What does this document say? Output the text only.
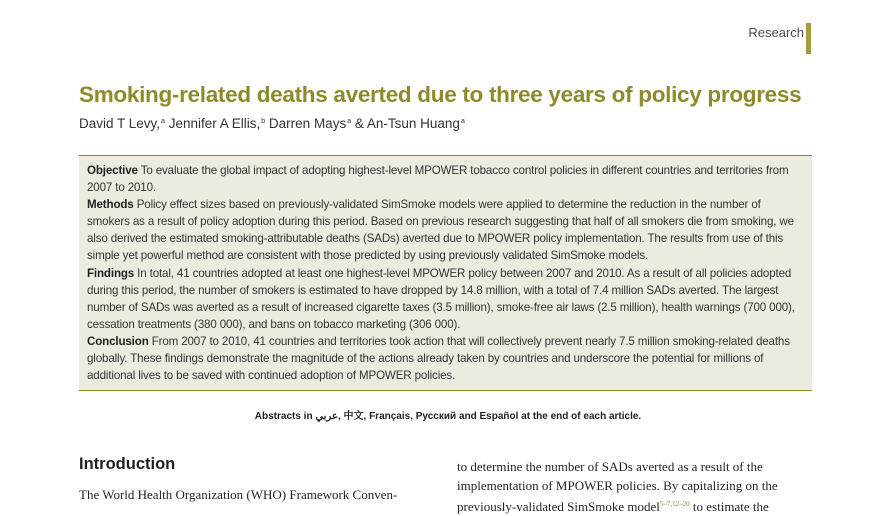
Research
Smoking-related deaths averted due to three years of policy progress
David T Levy,$^a$ Jennifer A Ellis,$^b$ Darren Mays$^a$ & An-Tsun Huang$^a$

Objective To evaluate the global impact of adopting highest-level MPOWER tobacco control policies in different countries and territories from 2007 to 2010.

Methods Policy effect sizes based on previously-validated SimSmoke models were applied to determine the reduction in the number of smokers as a result of policy adoption during this period. Based on previous research suggesting that half of all smokers die from smoking, we also derived the estimated smoking-attributable deaths (SADs) averted due to MPOWER policy implementation. The results from use of this simple yet powerful method are consistent with those predicted by using previously validated SimSmoke models.

Findings In total, 41 countries adopted at least one highest-level MPOWER policy between 2007 and 2010. As a result of all policies adopted during this period, the number of smokers is estimated to have dropped by 14.8 million, with a total of 7.4 million SADs averted. The largest number of SADs was averted as a result of increased cigarette taxes (3.5 million), smoke-free air laws (2.5 million), health warnings (700 000), cessation treatments (380 000), and bans on tobacco marketing (306 000).

Conclusion From 2007 to 2010, 41 countries and territories took action that will collectively prevent nearly 7.5 million smoking-related deaths globally. These findings demonstrate the magnitude of the actions already taken by countries and underscore the potential for millions of additional lives to be saved with continued adoption of MPOWER policies.

Abstracts in عربي, 中文, Français, Русский and Español at the end of each article.
Introduction
The World Health Organization (WHO) Framework Conven-
to determine the number of SADs averted as a result of the
implementation of MPOWER policies. By capitalizing on the
previously-validated SimSmoke model$^{5-7,12-20}$ to estimate the
